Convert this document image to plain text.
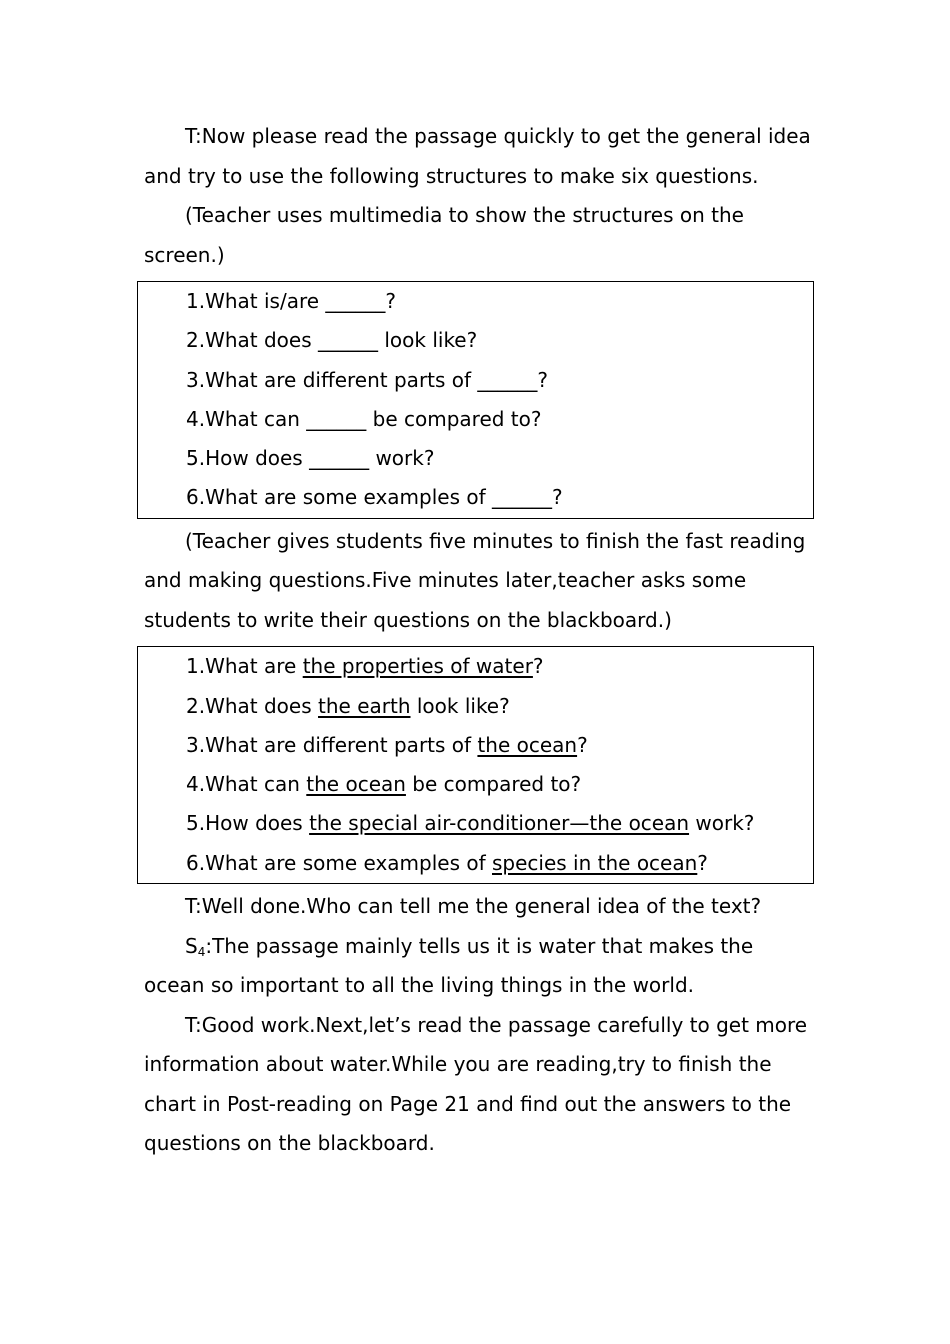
T:Now please read the passage quickly to get the general idea and try to use the following structures to make six questions.

(Teacher uses multimedia to show the structures on the screen.)

1.What is/are ______?

2.What does ______ look like?

3.What are different parts of ______?

4.What can ______ be compared to?

5.How does ______ work?

6.What are some examples of ______?

(Teacher gives students five minutes to finish the fast reading and making questions.Five minutes later,teacher asks some students to write their questions on the blackboard.)

1.What are the properties of water?

2.What does the earth look like?

3.What are different parts of the ocean?

4.What can the ocean be compared to?

5.How does the special air-conditioner—the ocean work?

6.What are some examples of species in the ocean?

T:Well done.Who can tell me the general idea of the text?

$S_4:The$ passage mainly tells us it is water that makes the ocean so important to all the living things in the world.

T:Good work.Next,let’s read the passage carefully to get more information about water.While you are reading,try to finish the chart in Post-reading on Page 21 and find out the answers to the questions on the blackboard.
